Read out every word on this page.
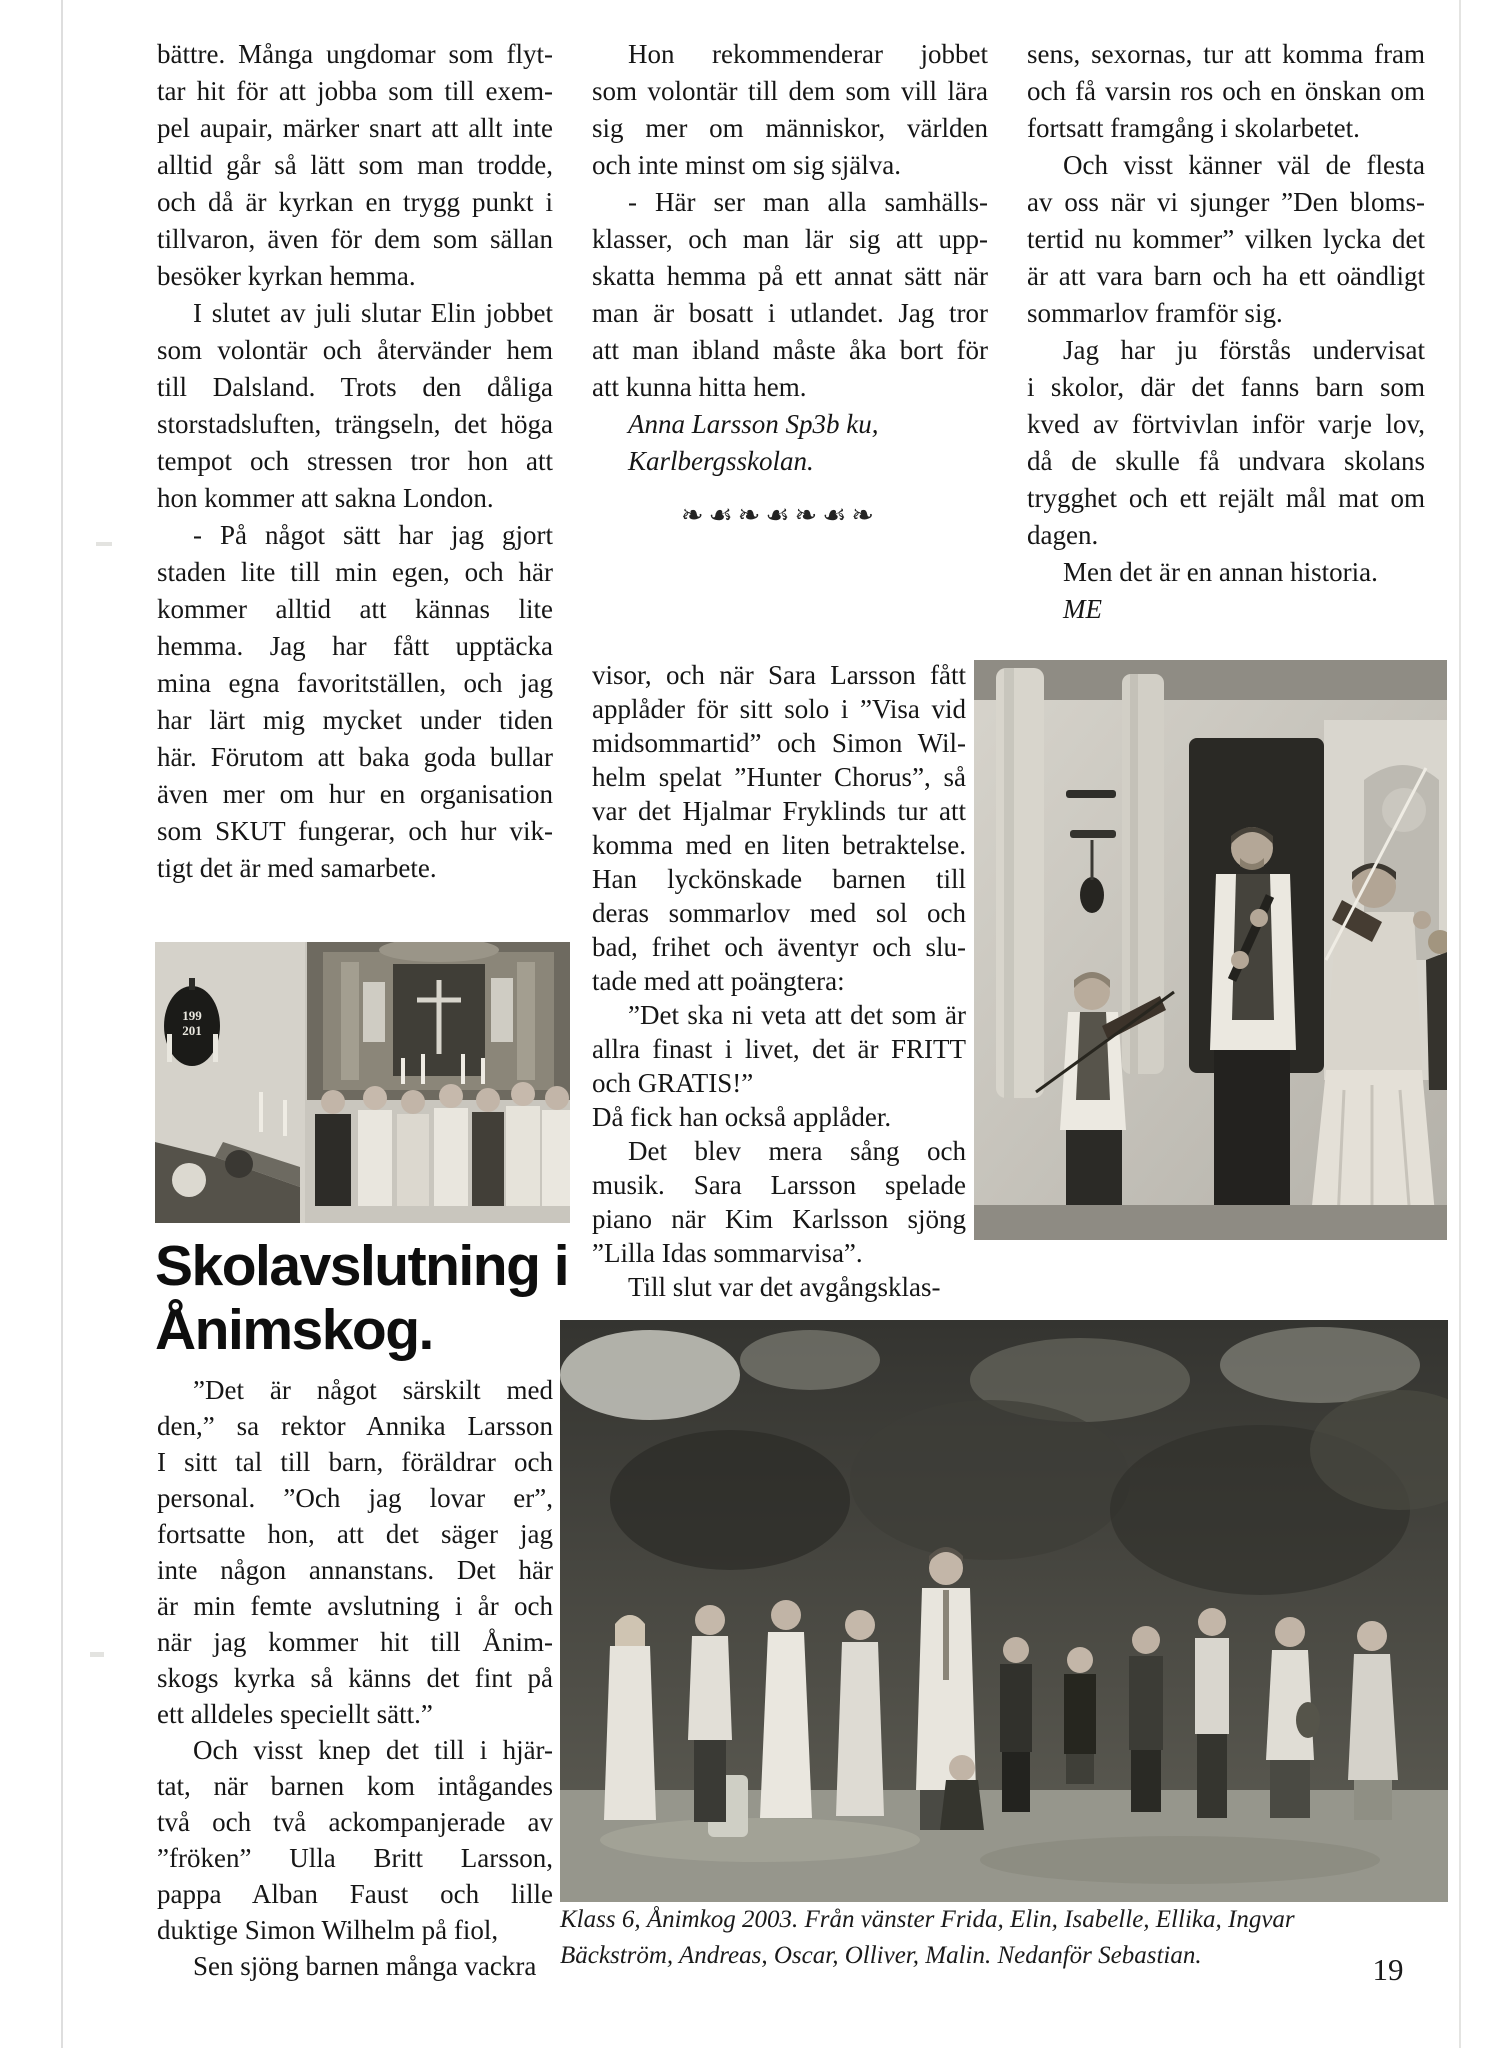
bättre. Många ungdomar som flyt-
tar hit för att jobba som till exem-
pel aupair, märker snart att allt inte
alltid går så lätt som man trodde,
och då är kyrkan en trygg punkt i
tillvaron, även för dem som sällan
besöker kyrkan hemma.
I slutet av juli slutar Elin jobbet
som volontär och återvänder hem
till Dalsland. Trots den dåliga
storstadsluften, trängseln, det höga
tempot och stressen tror hon att
hon kommer att sakna London.
- På något sätt har jag gjort
staden lite till min egen, och här
kommer alltid att kännas lite
hemma. Jag har fått upptäcka
mina egna favoritställen, och jag
har lärt mig mycket under tiden
här. Förutom att baka goda bullar
även mer om hur en organisation
som SKUT fungerar, och hur vik-
tigt det är med samarbete.
Hon rekommenderar jobbet
som volontär till dem som vill lära
sig mer om människor, världen
och inte minst om sig själva.
- Här ser man alla samhälls-
klasser, och man lär sig att upp-
skatta hemma på ett annat sätt när
man är bosatt i utlandet. Jag tror
att man ibland måste åka bort för
att kunna hitta hem.
Anna Larsson Sp3b ku,
Karlbergsskolan.
sens, sexornas, tur att komma fram
och få varsin ros och en önskan om
fortsatt framgång i skolarbetet.
Och visst känner väl de flesta
av oss när vi sjunger ”Den bloms-
tertid nu kommer” vilken lycka det
är att vara barn och ha ett oändligt
sommarlov framför sig.
Jag har ju förstås undervisat
i skolor, där det fanns barn som
kved av förtvivlan inför varje lov,
då de skulle få undvara skolans
trygghet och ett rejält mål mat om
dagen.
Men det är en annan historia.
ME
❧☙❧☙❧☙❧
visor, och när Sara Larsson fått
applåder för sitt solo i ”Visa vid
midsommartid” och Simon Wil-
helm spelat ”Hunter Chorus”, så
var det Hjalmar Fryklinds tur att
komma med en liten betraktelse.
Han lyckönskade barnen till
deras sommarlov med sol och
bad, frihet och äventyr och slu-
tade med att poängtera:
”Det ska ni veta att det som är
allra finast i livet, det är FRITT
och GRATIS!”
Då fick han också applåder.
Det blev mera sång och
musik. Sara Larsson spelade
piano när Kim Karlsson sjöng
”Lilla Idas sommarvisa”.
Till slut var det avgångsklas-
199
201
Skolavslutning i
Ånimskog.
”Det är något särskilt med
den,” sa rektor Annika Larsson
I sitt tal till barn, föräldrar och
personal. ”Och jag lovar er”,
fortsatte hon, att det säger jag
inte någon annanstans. Det här
är min femte avslutning i år och
när jag kommer hit till Ånim-
skogs kyrka så känns det fint på
ett alldeles speciellt sätt.”
Och visst knep det till i hjär-
tat, när barnen kom intågandes
två och två ackompanjerade av
”fröken” Ulla Britt Larsson,
pappa Alban Faust och lille
duktige Simon Wilhelm på fiol,
Sen sjöng barnen många vackra
Klass 6, Ånimkog 2003. Från vänster Frida, Elin, Isabelle, Ellika, Ingvar
Bäckström, Andreas, Oscar, Olliver, Malin. Nedanför Sebastian.	19
